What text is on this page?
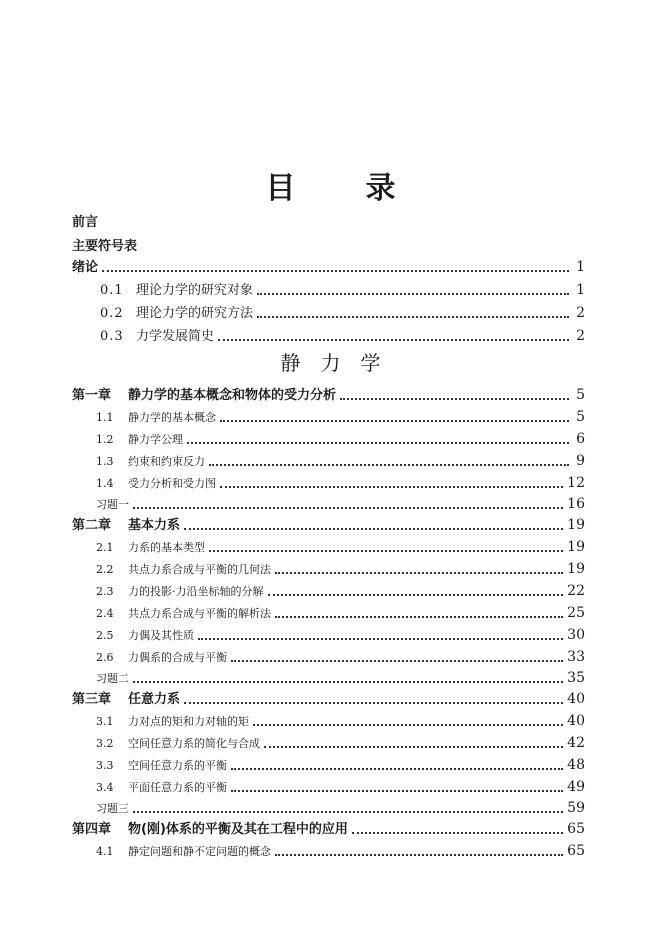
目录
前言
主要符号表
绪论	1
0.1 理论力学的研究对象	1
0.2 理论力学的研究方法	2
0.3 力学发展简史	2
静力学
第一章 静力学的基本概念和物体的受力分析	5
1.1 静力学的基本概念	5
1.2 静力学公理	6
1.3 约束和约束反力	9
1.4 受力分析和受力图	12
习题一	16
第二章 基本力系	19
2.1 力系的基本类型	19
2.2 共点力系合成与平衡的几何法	19
2.3 力的投影·力沿坐标轴的分解	22
2.4 共点力系合成与平衡的解析法	25
2.5 力偶及其性质	30
2.6 力偶系的合成与平衡	33
习题二	35
第三章 任意力系	40
3.1 力对点的矩和力对轴的矩	40
3.2 空间任意力系的简化与合成	42
3.3 空间任意力系的平衡	48
3.4 平面任意力系的平衡	49
习题三	59
第四章 物(刚)体系的平衡及其在工程中的应用	65
4.1 静定问题和静不定问题的概念	65
